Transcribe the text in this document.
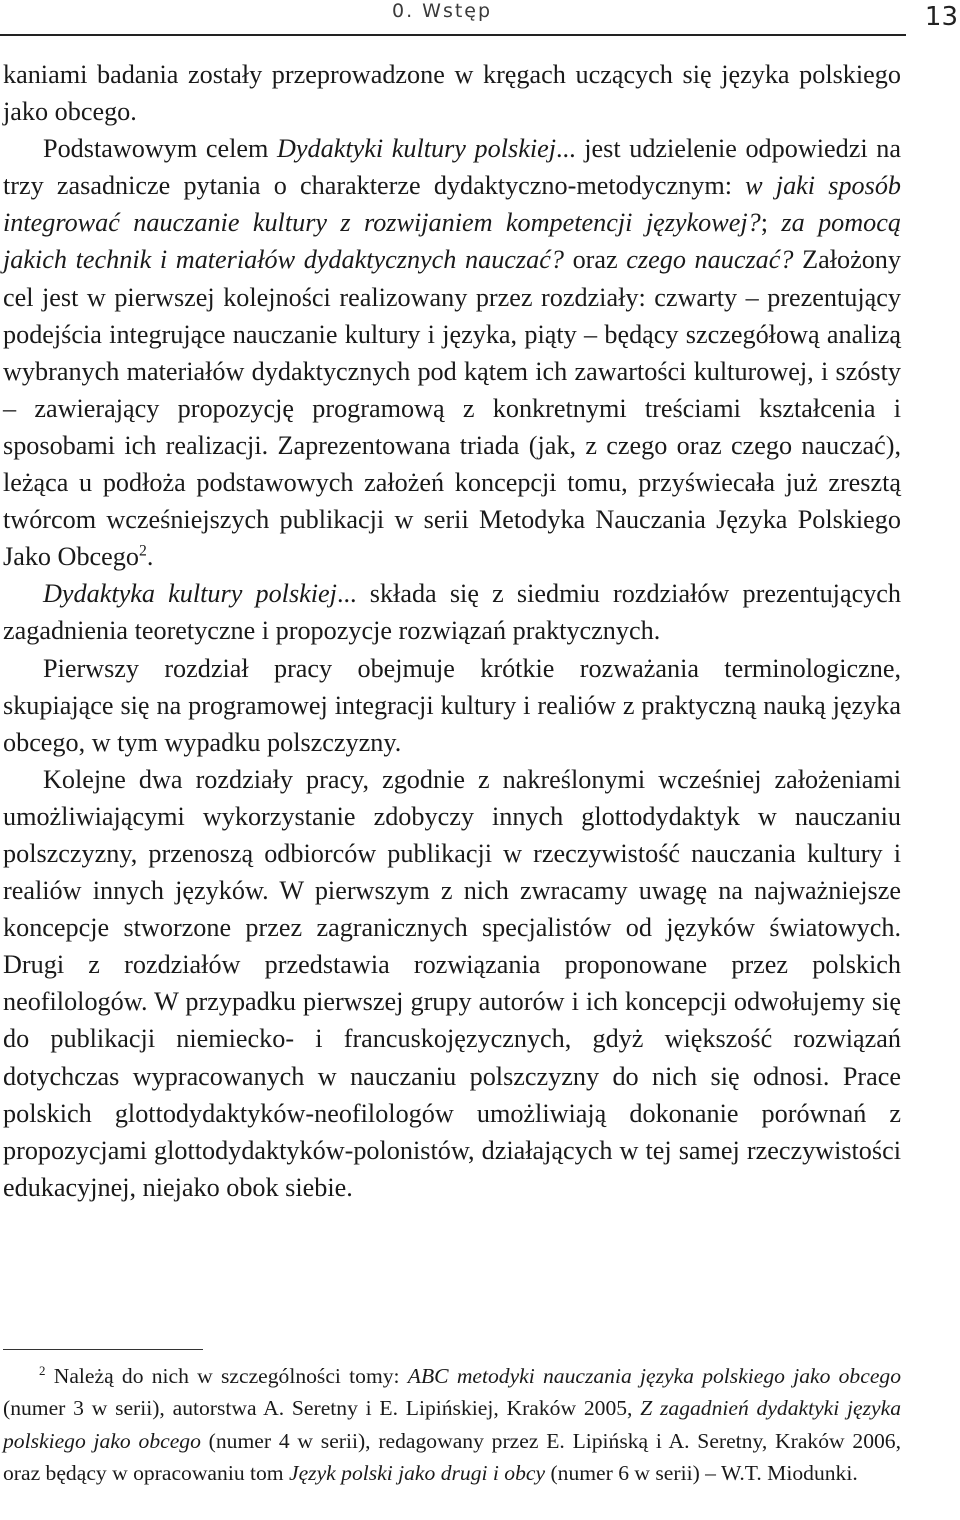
0. Wstęp	13

kaniami badania zostały przeprowadzone w kręgach uczących się języka polskiego jako obcego.

Podstawowym celem Dydaktyki kultury polskiej... jest udzielenie odpowiedzi na trzy zasadnicze pytania o charakterze dydaktyczno-metodycznym: w jaki sposób integrować nauczanie kultury z rozwijaniem kompetencji językowej?; za pomocą jakich technik i materiałów dydaktycznych nauczać? oraz czego nauczać? Założony cel jest w pierwszej kolejności realizowany przez rozdziały: czwarty – prezentujący podejścia integrujące nauczanie kultury i języka, piąty – będący szczegółową analizą wybranych materiałów dydaktycznych pod kątem ich zawartości kulturowej, i szósty – zawierający propozycję programową z konkretnymi treściami kształcenia i sposobami ich realizacji. Zaprezentowana triada (jak, z czego oraz czego nauczać), leżąca u podłoża podstawowych założeń koncepcji tomu, przyświecała już zresztą twórcom wcześniejszych publikacji w serii Metodyka Nauczania Języka Polskiego Jako Obcego$^2$.

Dydaktyka kultury polskiej... składa się z siedmiu rozdziałów prezentujących zagadnienia teoretyczne i propozycje rozwiązań praktycznych.

Pierwszy rozdział pracy obejmuje krótkie rozważania terminologiczne, skupiające się na programowej integracji kultury i realiów z praktyczną nauką języka obcego, w tym wypadku polszczyzny.

Kolejne dwa rozdziały pracy, zgodnie z nakreślonymi wcześniej założeniami umożliwiającymi wykorzystanie zdobyczy innych glottodydaktyk w nauczaniu polszczyzny, przenoszą odbiorców publikacji w rzeczywistość nauczania kultury i realiów innych języków. W pierwszym z nich zwracamy uwagę na najważniejsze koncepcje stworzone przez zagranicznych specjalistów od języków światowych. Drugi z rozdziałów przedstawia rozwiązania proponowane przez polskich neofilologów. W przypadku pierwszej grupy autorów i ich koncepcji odwołujemy się do publikacji niemiecko- i francuskojęzycznych, gdyż większość rozwiązań dotychczas wypracowanych w nauczaniu polszczyzny do nich się odnosi. Prace polskich glottodydaktyków-neofilologów umożliwiają dokonanie porównań z propozycjami glottodydaktyków-polonistów, działających w tej samej rzeczywistości edukacyjnej, niejako obok siebie.

$^2$ Należą do nich w szczególności tomy: ABC metodyki nauczania języka polskiego jako obcego (numer 3 w serii), autorstwa A. Seretny i E. Lipińskiej, Kraków 2005, Z zagadnień dydaktyki języka polskiego jako obcego (numer 4 w serii), redagowany przez E. Lipińską i A. Seretny, Kraków 2006, oraz będący w opracowaniu tom Język polski jako drugi i obcy (numer 6 w serii) – W.T. Miodunki.
